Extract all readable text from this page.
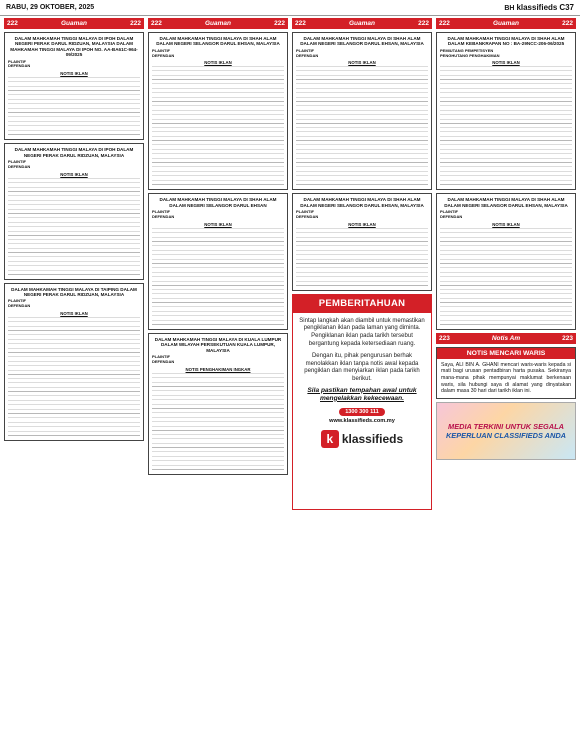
RABU, 29 OKTOBER, 2025	BH klassifieds C37
222	Guaman	222
DALAM MAHKAMAH TINGGI MALAYA DI IPOH DALAM NEGERI PERAK DARUL RIDZUAN, MALAYSIA DALAM MAHKAMAH TINGGI MALAYA DI IPOH NO. AA-BA61C-964-09/2025
PLAINTIF
DEFENDAN
NOTIS IKLAN
DALAM MAHKAMAH TINGGI MALAYA DI IPOH DALAM NEGERI PERAK DARUL RIDZUAN, MALAYSIA
PLAINTIF
DEFENDAN
NOTIS IKLAN
DALAM MAHKAMAH TINGGI MALAYA DI TAIPING DALAM NEGERI PERAK DARUL RIDZUAN, MALAYSIA
PLAINTIF
DEFENDAN
NOTIS IKLAN
222	Guaman	222
DALAM MAHKAMAH TINGGI MALAYA DI SHAH ALAM DALAM NEGERI SELANGOR DARUL EHSAN, MALAYSIA
PLAINTIF
DEFENDAN
NOTIS IKLAN
DALAM MAHKAMAH TINGGI MALAYA DI SHAH ALAM DALAM NEGERI SELANGOR DARUL EHSAN
PLAINTIF
DEFENDAN
NOTIS IKLAN
DALAM MAHKAMAH TINGGI MALAYA DI KUALA LUMPUR DALAM WILAYAH PERSEKUTUAN KUALA LUMPUR, MALAYSIA
PLAINTIF
DEFENDAN
NOTIS PENGHAKIMAN INGKAR
222	Guaman	222
DALAM MAHKAMAH TINGGI MALAYA DI SHAH ALAM DALAM NEGERI SELANGOR DARUL EHSAN, MALAYSIA
PLAINTIF
DEFENDAN
NOTIS IKLAN
DALAM MAHKAMAH TINGGI MALAYA DI SHAH ALAM DALAM NEGERI SELANGOR DARUL EHSAN, MALAYSIA
PLAINTIF
DEFENDAN
NOTIS IKLAN
PEMBERITAHUAN
Sintap langkah akan diambil untuk memastikan pengiklanan iklan pada laman yang diminta. Pengiklanan iklan pada tarikh tersebut bergantung kepada ketersediaan ruang.
Dengan itu, pihak pengurusan berhak menolakkan iklan tanpa notis awal kepada pengiklan dan menyiarkan iklan pada tarikh berikut.
Sila pastikan tempahan awal untuk mengelakkan kekecewaan.
1300 300 111
www.klassifieds.com.my
k klassifieds
222	Guaman	222
DALAM MAHKAMAH TINGGI MALAYA DI SHAH ALAM DALAM KEBANKRAPAN NO : BA-29NCC-206-06/2025
PEMIUTANG PEMPETISYEN
PENGHUTANG PENGHAKIMAN
NOTIS IKLAN
DALAM MAHKAMAH TINGGI MALAYA DI SHAH ALAM DALAM NEGERI SELANGOR DARUL EHSAN, MALAYSIA
PLAINTIF
DEFENDAN
NOTIS IKLAN
223	Notis Am	223
NOTIS MENCARI WARIS
Saya, ALI BIN A. GHANI mencari waris-waris kepada si mati bagi urusan pentadbiran harta pusaka. Sekiranya mana-mana pihak mempunyai maklumat berkenaan waris, sila hubungi saya di alamat yang dinyatakan dalam masa 30 hari dari tarikh iklan ini.
MEDIA TERKINI UNTUK SEGALA
KEPERLUAN CLASSIFIEDS ANDA
